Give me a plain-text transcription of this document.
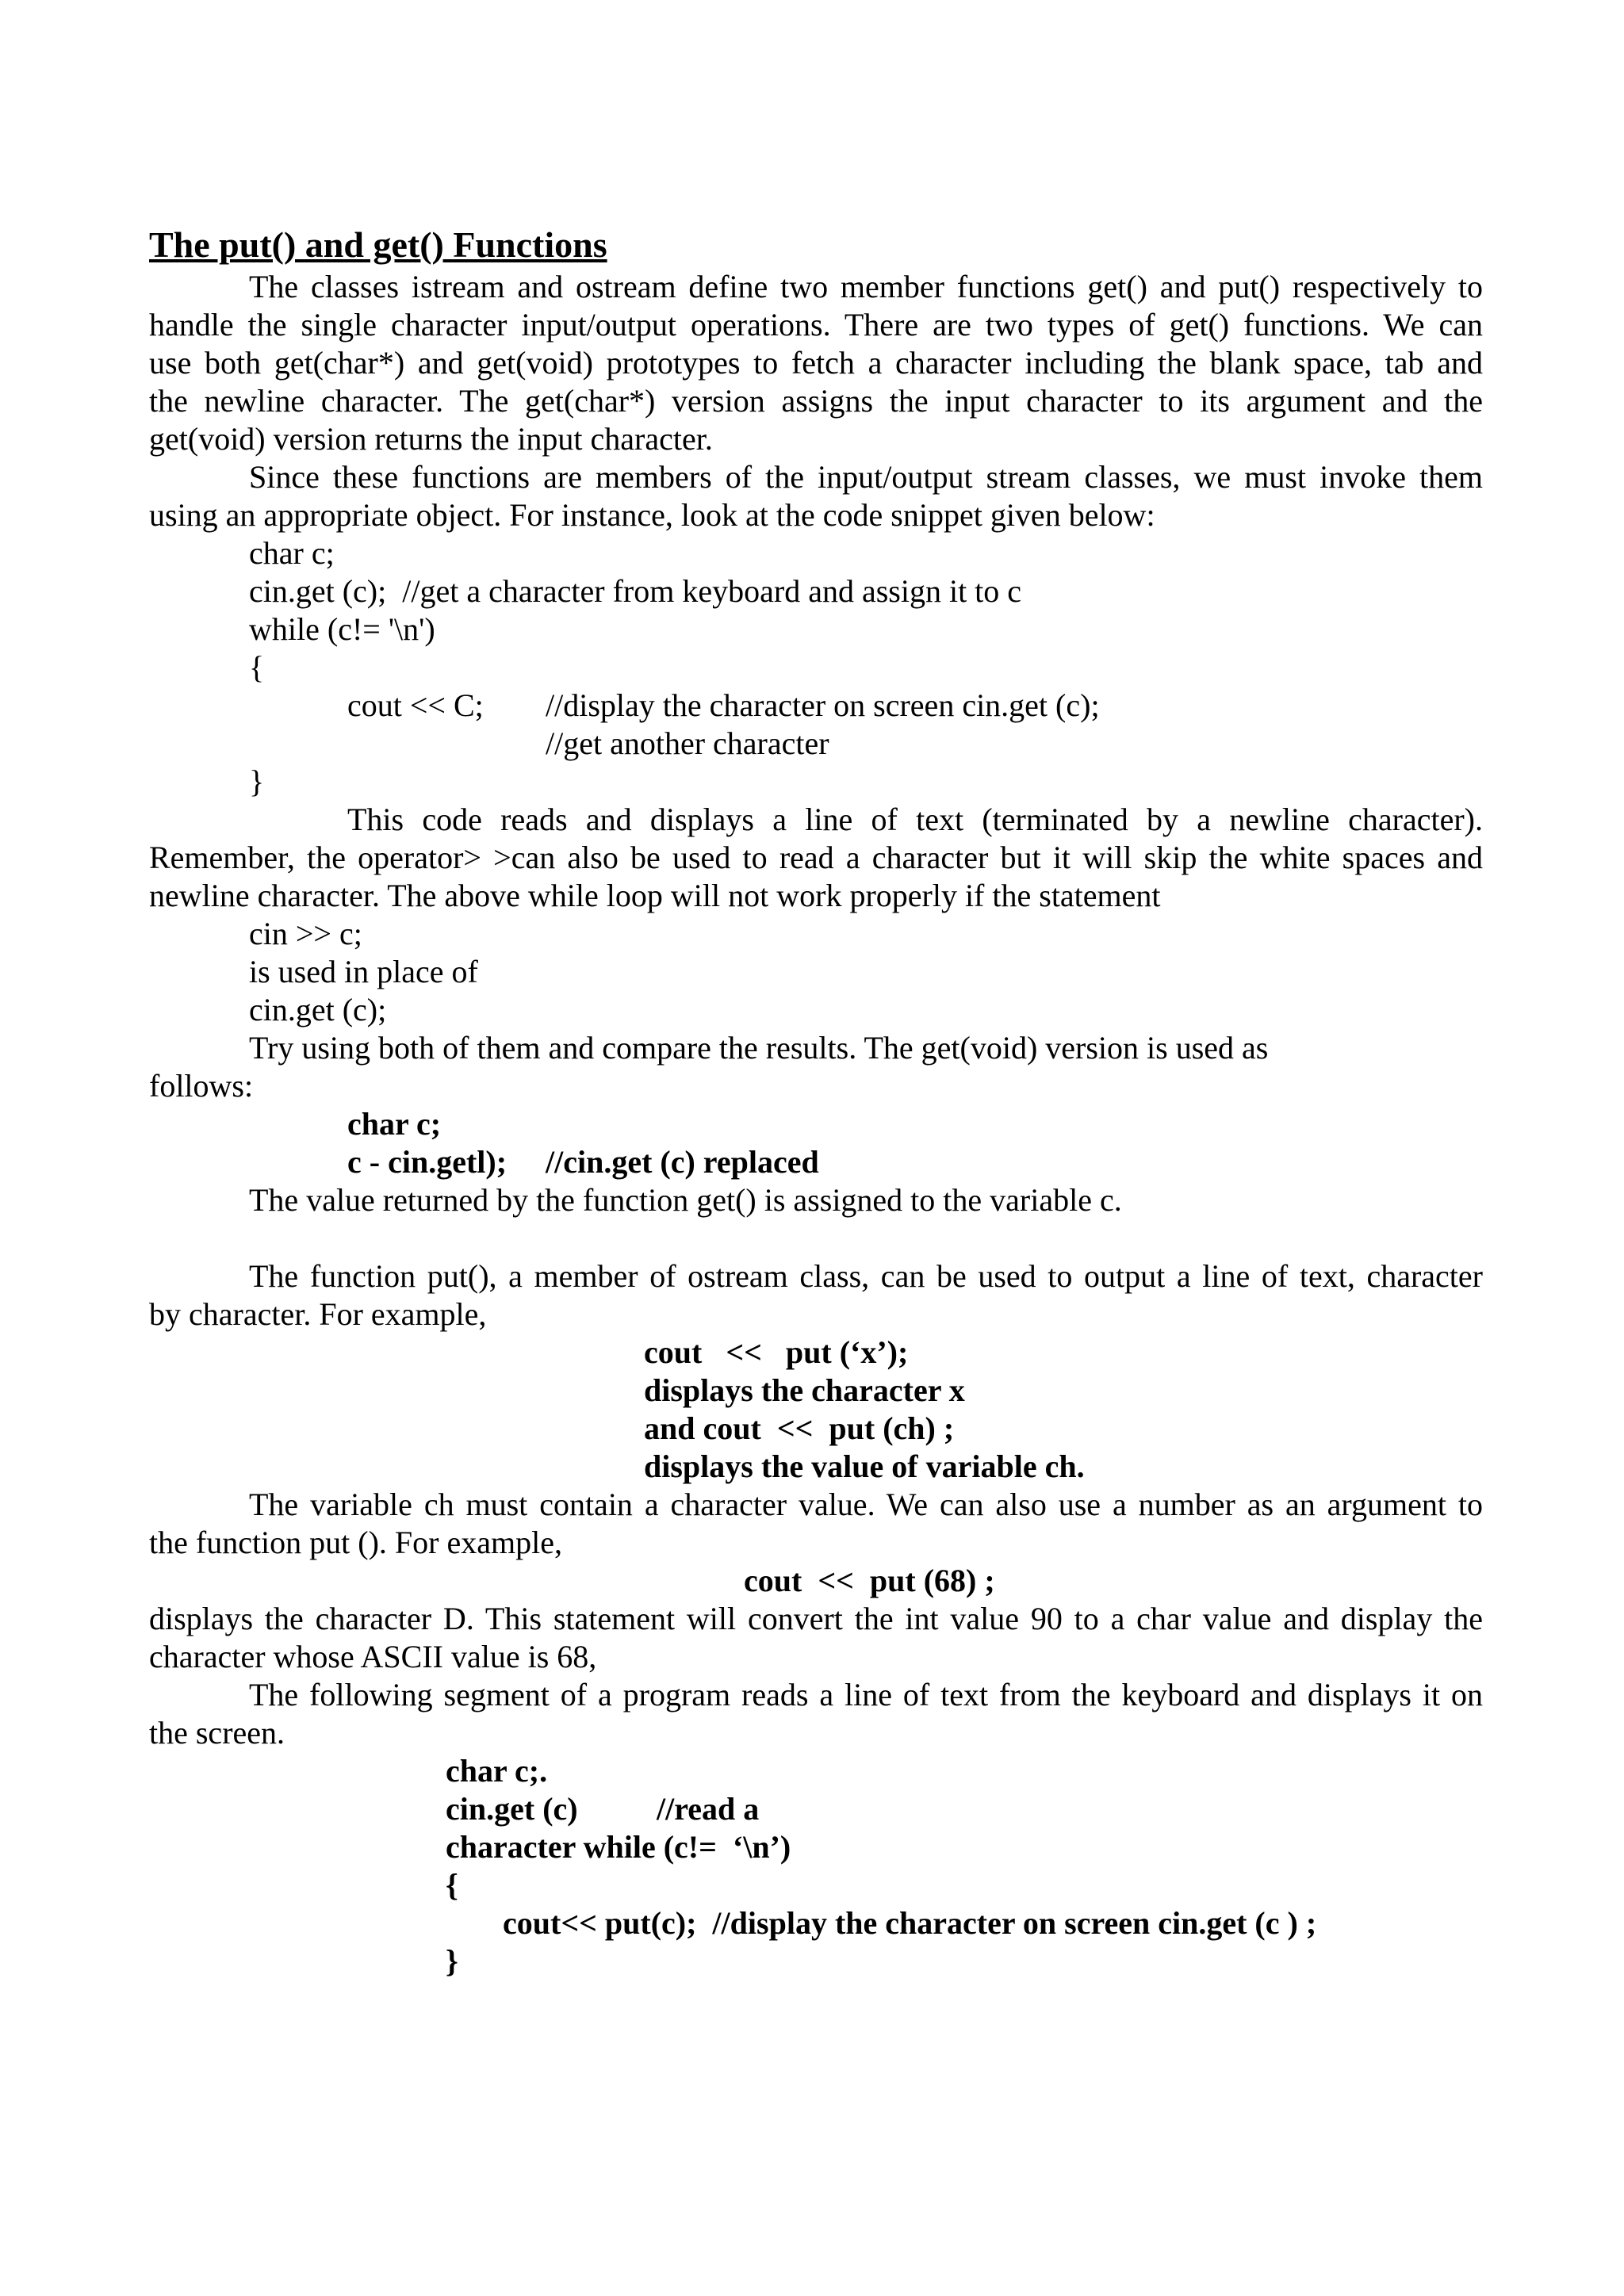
The put() and get() Functions
The classes istream and ostream define two member functions get() and put() respectively to
handle the single character input/output operations. There are two types of get() functions. We can
use both get(char*) and get(void) prototypes to fetch a character including the blank space, tab and
the newline character. The get(char*) version assigns the input character to its argument and the
get(void) version returns the input character.
Since these functions are members of the input/output stream classes, we must invoke them
using an appropriate object. For instance, look at the code snippet given below:
char c;
cin.get (c);  //get a character from keyboard and assign it to c
while (c!= '\n')
{
cout << C;	//display the character on screen cin.get (c);
//get another character
}
This code reads and displays a line of text (terminated by a newline character).
Remember, the operator> >can also be used to read a character but it will skip the white spaces and
newline character. The above while loop will not work properly if the statement
cin >> c;
is used in place of
cin.get (c);
Try using both of them and compare the results. The get(void) version is used as
follows:
char c;
c - cin.getl);	//cin.get (c) replaced
The value returned by the function get() is assigned to the variable c.
The function put(), a member of ostream class, can be used to output a line of text, character
by character. For example,
cout   <<   put (‘x’);
displays the character x
and cout  <<  put (ch) ;
displays the value of variable ch.
The variable ch must contain a character value. We can also use a number as an argument to
the function put (). For example,
cout  <<  put (68) ;
displays the character D. This statement will convert the int value 90 to a char value and display the
character whose ASCII value is 68,
The following segment of a program reads a line of text from the keyboard and displays it on
the screen.
char c;.
cin.get (c)	//read a
character while (c!=  ‘\n’)
{
cout<< put(c);  //display the character on screen cin.get (c ) ;
}
